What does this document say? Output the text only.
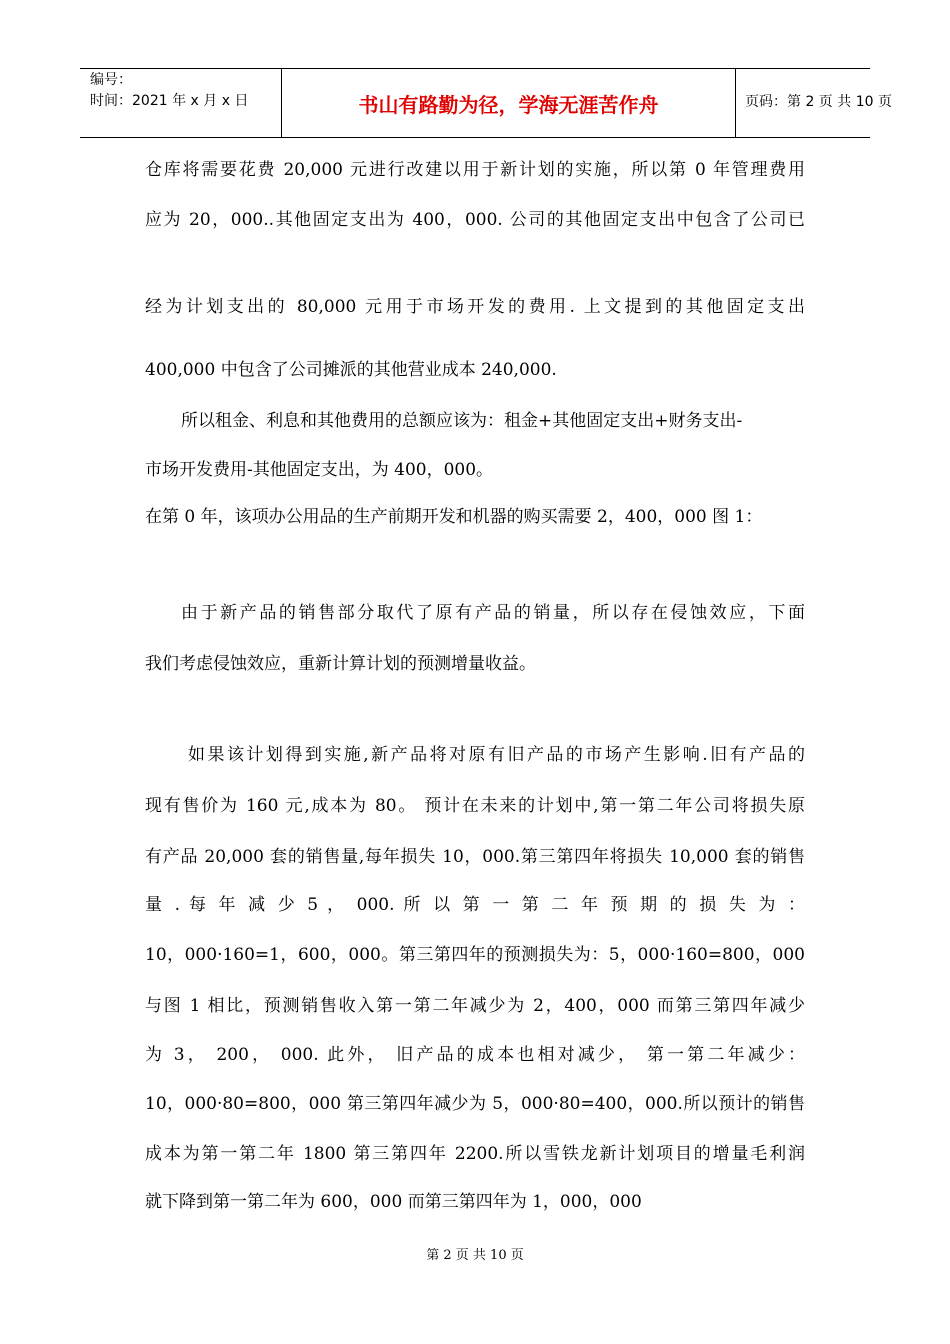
编号：
时间：2021 年 x 月 x 日	书山有路勤为径，学海无涯苦作舟	页码：第 2 页 共 10 页
仓库将需要花费 20,000 元进行改建以用于新计划的实施，所以第 0 年管理费用
应为 20，000..其他固定支出为 400，000. 公司的其他固定支出中包含了公司已
经为计划支出的 80,000 元用于市场开发的费用. 上文提到的其他固定支出
400,000 中包含了公司摊派的其他营业成本 240,000.
所以租金、利息和其他费用的总额应该为：租金+其他固定支出+财务支出-
市场开发费用-其他固定支出，为 400，000。
在第 0 年，该项办公用品的生产前期开发和机器的购买需要 2，400，000 图 1：
由于新产品的销售部分取代了原有产品的销量，所以存在侵蚀效应，下面
我们考虑侵蚀效应，重新计算计划的预测增量收益。
如果该计划得到实施,新产品将对原有旧产品的市场产生影响.旧有产品的
现有售价为 160 元,成本为 80。 预计在未来的计划中,第一第二年公司将损失原
有产品 20,000 套的销售量,每年损失 10，000.第三第四年将损失 10,000 套的销售
量 . 每 年 减 少 5 ， 000. 所 以 第 一 第 二 年 预 期 的 损 失 为 ：
10，000·160=1，600，000。第三第四年的预测损失为：5，000·160=800，000
与图 1 相比，预测销售收入第一第二年减少为 2，400，000 而第三第四年减少
为 3， 200， 000. 此外， 旧产品的成本也相对减少， 第一第二年减少：
10，000·80=800，000 第三第四年减少为 5，000·80=400，000.所以预计的销售
成本为第一第二年 1800 第三第四年 2200.所以雪铁龙新计划项目的增量毛利润
就下降到第一第二年为 600，000 而第三第四年为 1，000，000
第 2 页 共 10 页
